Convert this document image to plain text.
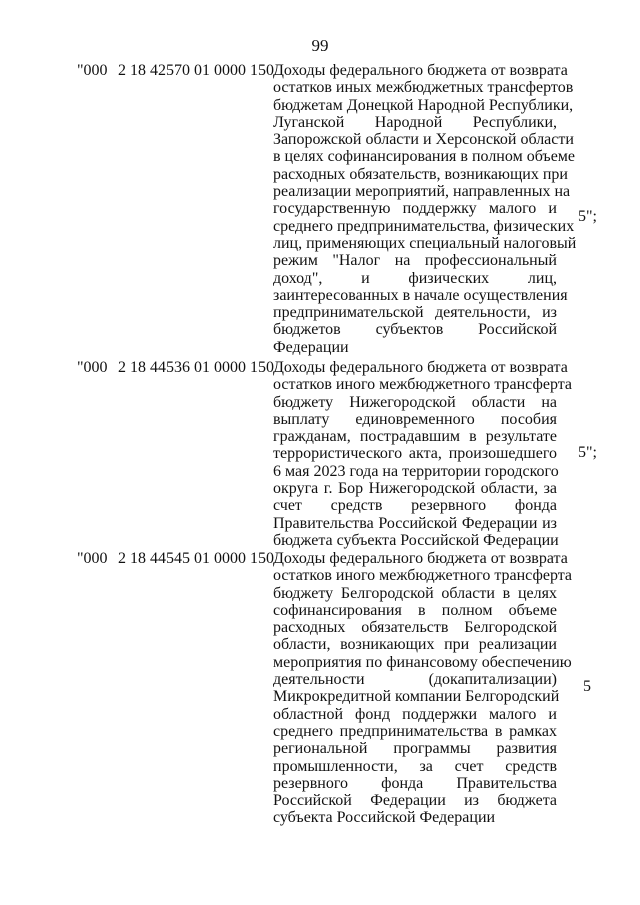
99
"000 2 18 42570 01 0000 150 Доходы федерального бюджета от возврата
остатков иных межбюджетных трансфертов
бюджетам Донецкой Народной Республики,
Луганской Народной Республики,
Запорожской области и Херсонской области
в целях софинансирования в полном объеме
расходных обязательств, возникающих при
реализации мероприятий, направленных на
государственную поддержку малого и
среднего предпринимательства, физических
лиц, применяющих специальный налоговый
режим "Налог на профессиональный
доход", и физических лиц,
заинтересованных в начале осуществления
предпринимательской деятельности, из
бюджетов субъектов Российской
Федерации
5";
"000 2 18 44536 01 0000 150 Доходы федерального бюджета от возврата
остатков иного межбюджетного трансферта
бюджету Нижегородской области на
выплату единовременного пособия
гражданам, пострадавшим в результате
террористического акта, произошедшего
6 мая 2023 года на территории городского
округа г. Бор Нижегородской области, за
счет средств резервного фонда
Правительства Российской Федерации из
бюджета субъекта Российской Федерации
5";
"000 2 18 44545 01 0000 150 Доходы федерального бюджета от возврата
остатков иного межбюджетного трансферта
бюджету Белгородской области в целях
софинансирования в полном объеме
расходных обязательств Белгородской
области, возникающих при реализации
мероприятия по финансовому обеспечению
деятельности (докапитализации)
Микрокредитной компании Белгородский
областной фонд поддержки малого и
среднего предпринимательства в рамках
региональной программы развития
промышленности, за счет средств
резервного фонда Правительства
Российской Федерации из бюджета
субъекта Российской Федерации
5
